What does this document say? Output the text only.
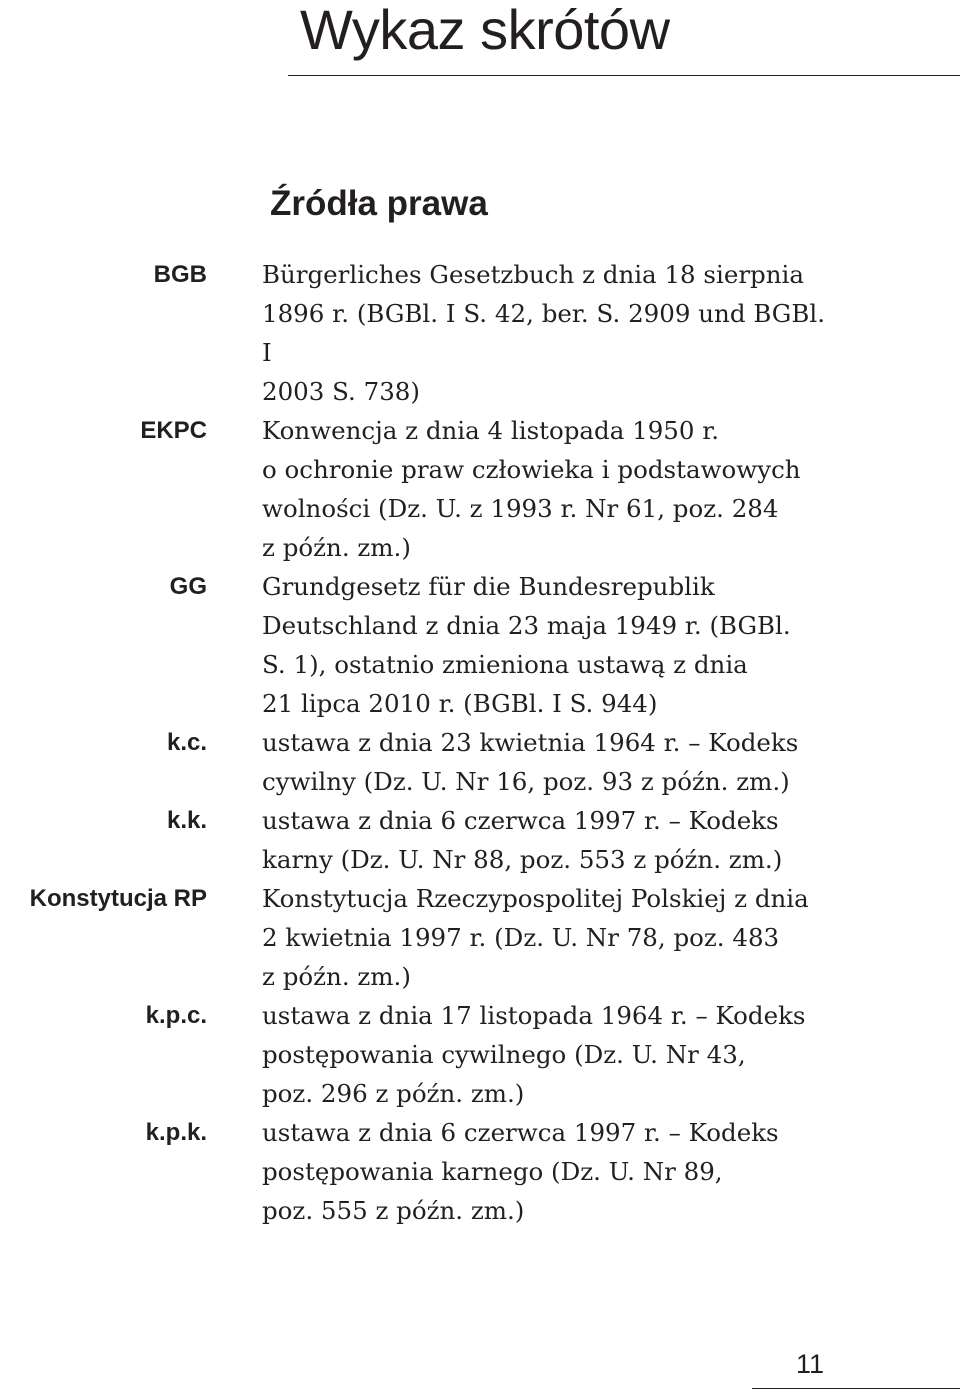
Wykaz skrótów
Źródła prawa
BGB Bürgerliches Gesetzbuch z dnia 18 sierpnia
1896 r. (BGBl. I S. 42, ber. S. 2909 und BGBl. I
2003 S. 738)
EKPC Konwencja z dnia 4 listopada 1950 r.
o ochronie praw człowieka i podstawowych
wolności (Dz. U. z 1993 r. Nr 61, poz. 284
z późn. zm.)
GG Grundgesetz für die Bundesrepublik
Deutschland z dnia 23 maja 1949 r. (BGBl.
S. 1), ostatnio zmieniona ustawą z dnia
21 lipca 2010 r. (BGBl. I S. 944)
k.c. ustawa z dnia 23 kwietnia 1964 r. – Kodeks
cywilny (Dz. U. Nr 16, poz. 93 z późn. zm.)
k.k. ustawa z dnia 6 czerwca 1997 r. – Kodeks
karny (Dz. U. Nr 88, poz. 553 z późn. zm.)
Konstytucja RP Konstytucja Rzeczypospolitej Polskiej z dnia
2 kwietnia 1997 r. (Dz. U. Nr 78, poz. 483
z późn. zm.)
k.p.c. ustawa z dnia 17 listopada 1964 r. – Kodeks
postępowania cywilnego (Dz. U. Nr 43,
poz. 296 z późn. zm.)
k.p.k. ustawa z dnia 6 czerwca 1997 r. – Kodeks
postępowania karnego (Dz. U. Nr 89,
poz. 555 z późn. zm.)
11
